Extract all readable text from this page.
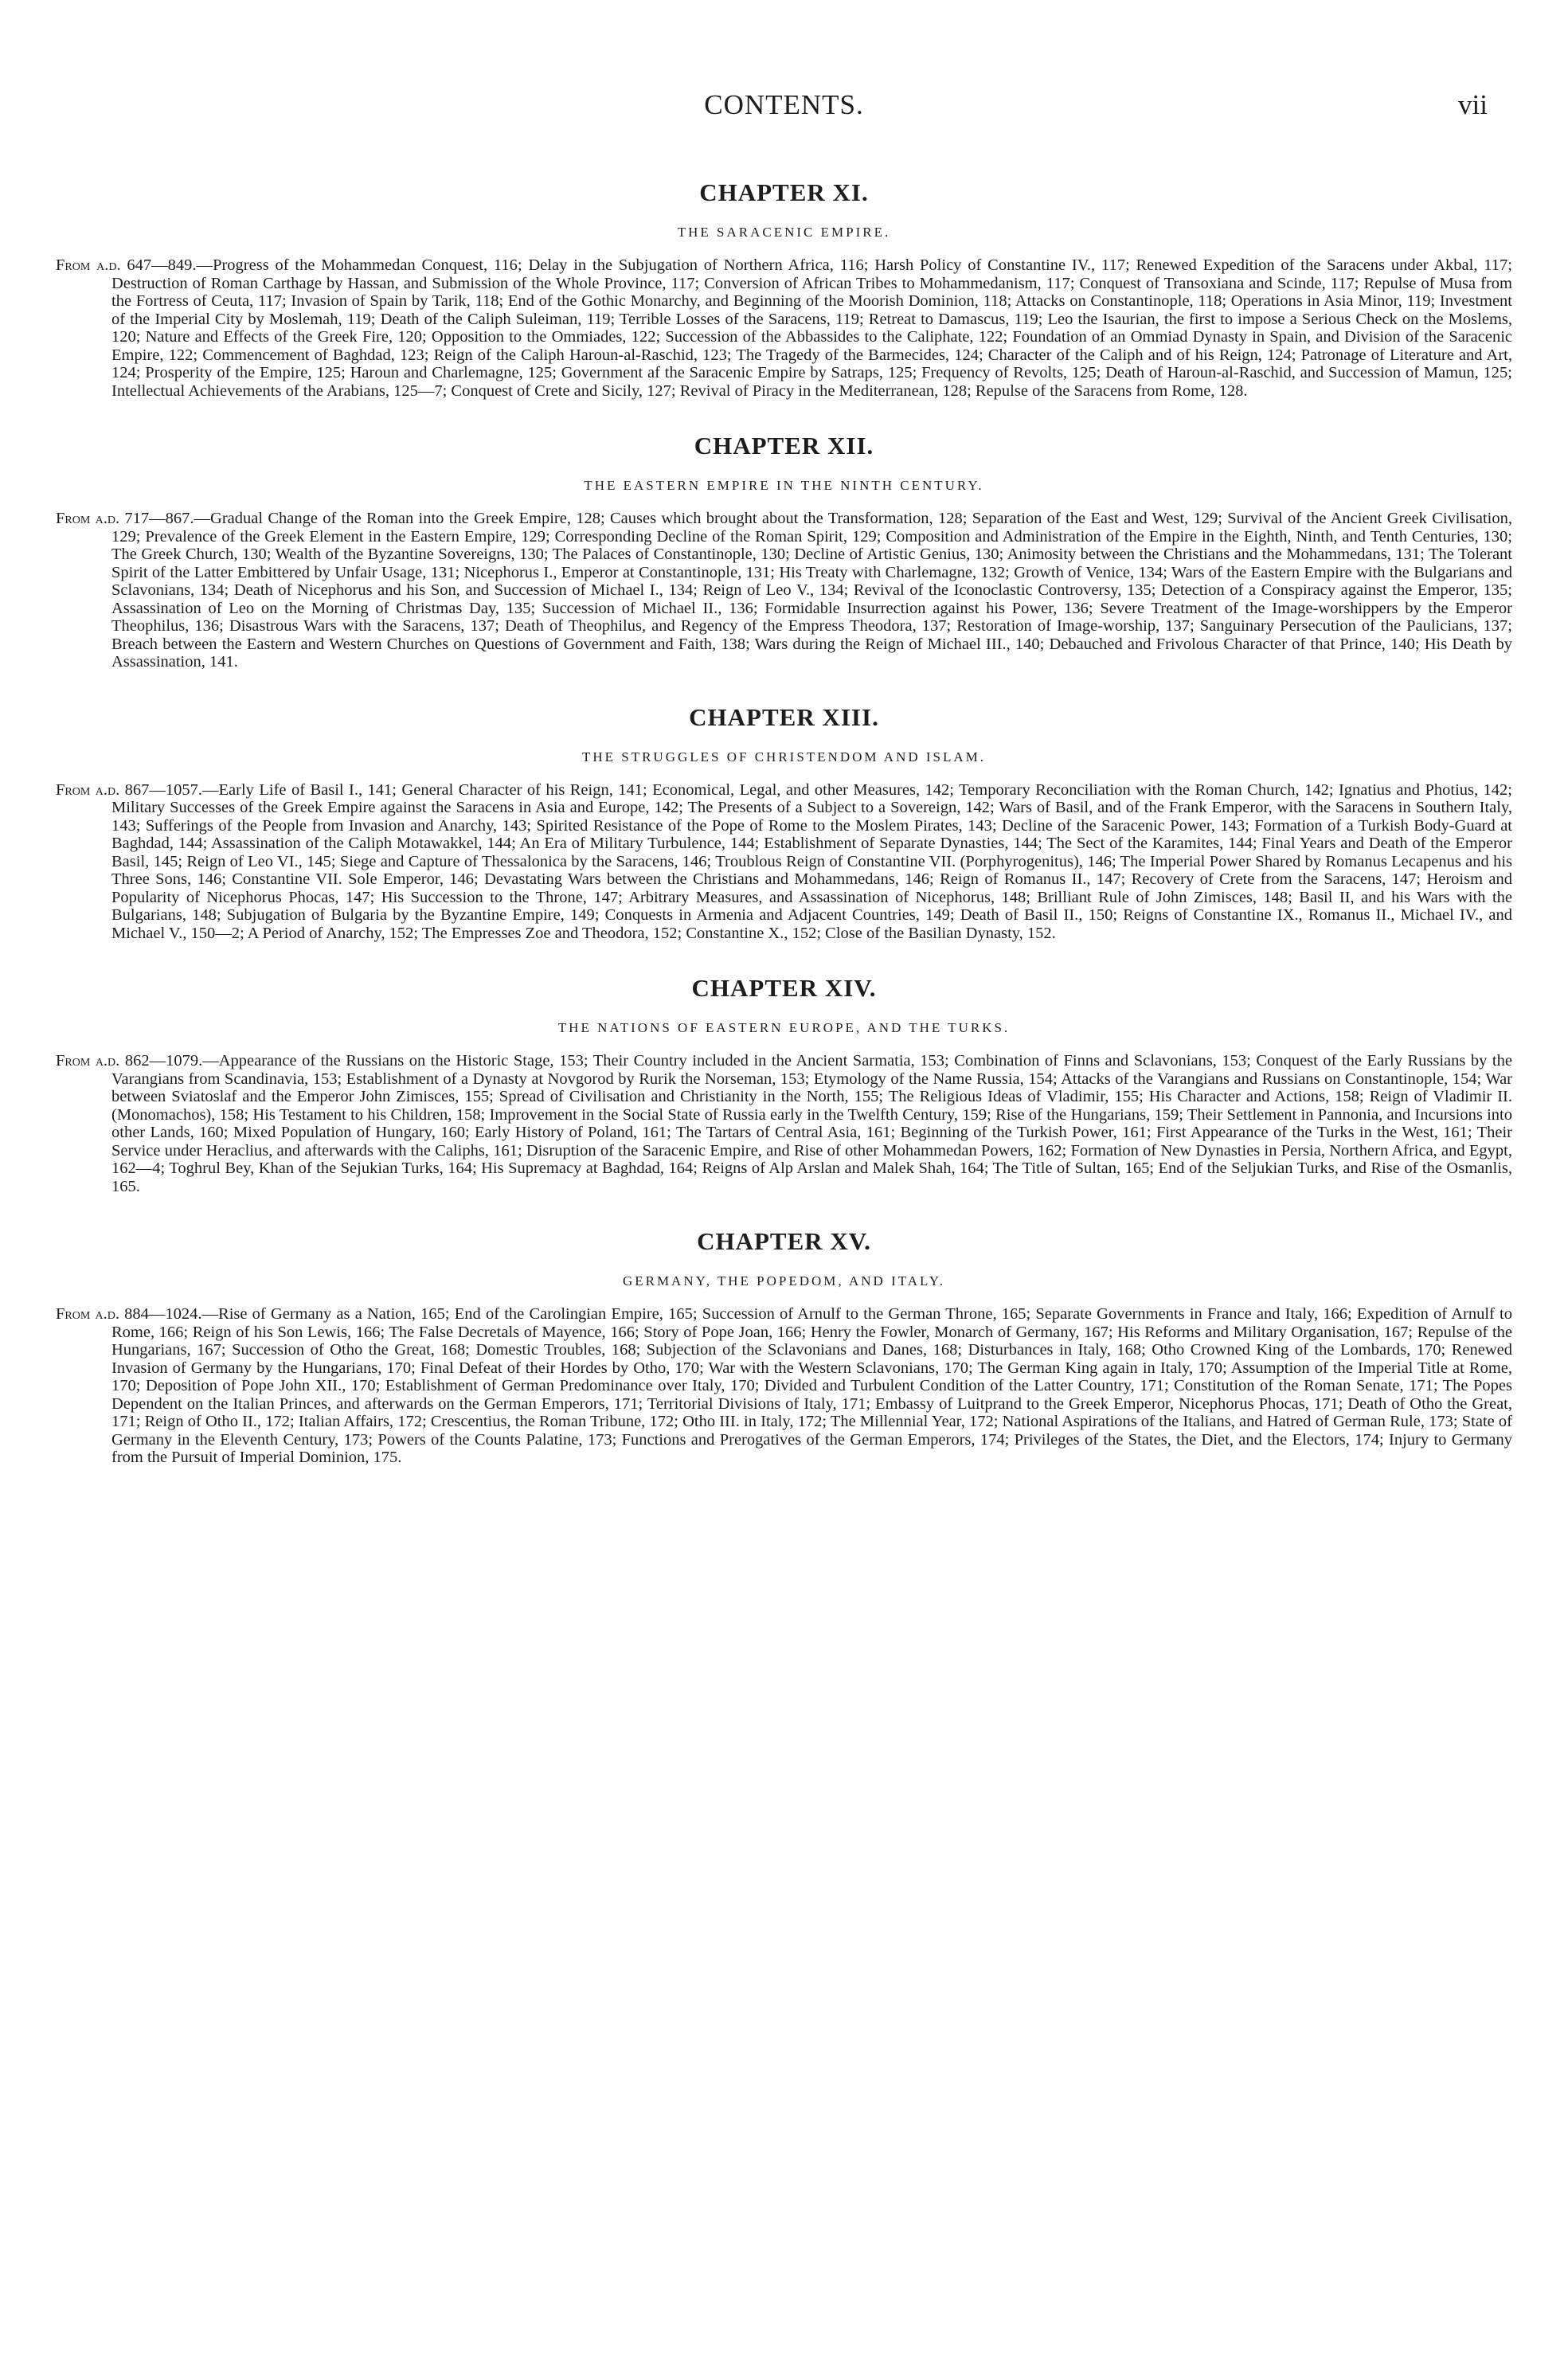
CONTENTS.	vii
CHAPTER XI.
THE SARACENIC EMPIRE.

From a.d. 647—849.—Progress of the Mohammedan Conquest, 116; Delay in the Subjugation of Northern Africa, 116; Harsh Policy of Constantine IV., 117; Renewed Expedition of the Saracens under Akbal, 117; Destruction of Roman Carthage by Hassan, and Submission of the Whole Province, 117; Conversion of African Tribes to Mohammedanism, 117; Conquest of Transoxiana and Scinde, 117; Repulse of Musa from the Fortress of Ceuta, 117; Invasion of Spain by Tarik, 118; End of the Gothic Monarchy, and Beginning of the Moorish Dominion, 118; Attacks on Constantinople, 118; Operations in Asia Minor, 119; Investment of the Imperial City by Moslemah, 119; Death of the Caliph Suleiman, 119; Terrible Losses of the Saracens, 119; Retreat to Damascus, 119; Leo the Isaurian, the first to impose a Serious Check on the Moslems, 120; Nature and Effects of the Greek Fire, 120; Opposition to the Ommiades, 122; Succession of the Abbassides to the Caliphate, 122; Foundation of an Ommiad Dynasty in Spain, and Division of the Saracenic Empire, 122; Commencement of Baghdad, 123; Reign of the Caliph Haroun-al-Raschid, 123; The Tragedy of the Barmecides, 124; Character of the Caliph and of his Reign, 124; Patronage of Literature and Art, 124; Prosperity of the Empire, 125; Haroun and Charlemagne, 125; Government af the Saracenic Empire by Satraps, 125; Frequency of Revolts, 125; Death of Haroun-al-Raschid, and Succession of Mamun, 125; Intellectual Achievements of the Arabians, 125—7; Conquest of Crete and Sicily, 127; Revival of Piracy in the Mediterranean, 128; Repulse of the Saracens from Rome, 128.

CHAPTER XII.
THE EASTERN EMPIRE IN THE NINTH CENTURY.

From a.d. 717—867.—Gradual Change of the Roman into the Greek Empire, 128; Causes which brought about the Transformation, 128; Separation of the East and West, 129; Survival of the Ancient Greek Civilisation, 129; Prevalence of the Greek Element in the Eastern Empire, 129; Corresponding Decline of the Roman Spirit, 129; Composition and Administration of the Empire in the Eighth, Ninth, and Tenth Centuries, 130; The Greek Church, 130; Wealth of the Byzantine Sovereigns, 130; The Palaces of Constantinople, 130; Decline of Artistic Genius, 130; Animosity between the Christians and the Mohammedans, 131; The Tolerant Spirit of the Latter Embittered by Unfair Usage, 131; Nicephorus I., Emperor at Constantinople, 131; His Treaty with Charlemagne, 132; Growth of Venice, 134; Wars of the Eastern Empire with the Bulgarians and Sclavonians, 134; Death of Nicephorus and his Son, and Succession of Michael I., 134; Reign of Leo V., 134; Revival of the Iconoclastic Controversy, 135; Detection of a Conspiracy against the Emperor, 135; Assassination of Leo on the Morning of Christmas Day, 135; Succession of Michael II., 136; Formidable Insurrection against his Power, 136; Severe Treatment of the Image-worshippers by the Emperor Theophilus, 136; Disastrous Wars with the Saracens, 137; Death of Theophilus, and Regency of the Empress Theodora, 137; Restoration of Image-worship, 137; Sanguinary Persecution of the Paulicians, 137; Breach between the Eastern and Western Churches on Questions of Government and Faith, 138; Wars during the Reign of Michael III., 140; Debauched and Frivolous Character of that Prince, 140; His Death by Assassination, 141.

CHAPTER XIII.
THE STRUGGLES OF CHRISTENDOM AND ISLAM.

From a.d. 867—1057.—Early Life of Basil I., 141; General Character of his Reign, 141; Economical, Legal, and other Measures, 142; Temporary Reconciliation with the Roman Church, 142; Ignatius and Photius, 142; Military Successes of the Greek Empire against the Saracens in Asia and Europe, 142; The Presents of a Subject to a Sovereign, 142; Wars of Basil, and of the Frank Emperor, with the Saracens in Southern Italy, 143; Sufferings of the People from Invasion and Anarchy, 143; Spirited Resistance of the Pope of Rome to the Moslem Pirates, 143; Decline of the Saracenic Power, 143; Formation of a Turkish Body-Guard at Baghdad, 144; Assassination of the Caliph Motawakkel, 144; An Era of Military Turbulence, 144; Establishment of Separate Dynasties, 144; The Sect of the Karamites, 144; Final Years and Death of the Emperor Basil, 145; Reign of Leo VI., 145; Siege and Capture of Thessalonica by the Saracens, 146; Troublous Reign of Constantine VII. (Porphyrogenitus), 146; The Imperial Power Shared by Romanus Lecapenus and his Three Sons, 146; Constantine VII. Sole Emperor, 146; Devastating Wars between the Christians and Mohammedans, 146; Reign of Romanus II., 147; Recovery of Crete from the Saracens, 147; Heroism and Popularity of Nicephorus Phocas, 147; His Succession to the Throne, 147; Arbitrary Measures, and Assassination of Nicephorus, 148; Brilliant Rule of John Zimisces, 148; Basil II, and his Wars with the Bulgarians, 148; Subjugation of Bulgaria by the Byzantine Empire, 149; Conquests in Armenia and Adjacent Countries, 149; Death of Basil II., 150; Reigns of Constantine IX., Romanus II., Michael IV., and Michael V., 150—2; A Period of Anarchy, 152; The Empresses Zoe and Theodora, 152; Constantine X., 152; Close of the Basilian Dynasty, 152.

CHAPTER XIV.
THE NATIONS OF EASTERN EUROPE, AND THE TURKS.

From a.d. 862—1079.—Appearance of the Russians on the Historic Stage, 153; Their Country included in the Ancient Sarmatia, 153; Combination of Finns and Sclavonians, 153; Conquest of the Early Russians by the Varangians from Scandinavia, 153; Establishment of a Dynasty at Novgorod by Rurik the Norseman, 153; Etymology of the Name Russia, 154; Attacks of the Varangians and Russians on Constantinople, 154; War between Sviatoslaf and the Emperor John Zimisces, 155; Spread of Civilisation and Christianity in the North, 155; The Religious Ideas of Vladimir, 155; His Character and Actions, 158; Reign of Vladimir II. (Monomachos), 158; His Testament to his Children, 158; Improvement in the Social State of Russia early in the Twelfth Century, 159; Rise of the Hungarians, 159; Their Settlement in Pannonia, and Incursions into other Lands, 160; Mixed Population of Hungary, 160; Early History of Poland, 161; The Tartars of Central Asia, 161; Beginning of the Turkish Power, 161; First Appearance of the Turks in the West, 161; Their Service under Heraclius, and afterwards with the Caliphs, 161; Disruption of the Saracenic Empire, and Rise of other Mohammedan Powers, 162; Formation of New Dynasties in Persia, Northern Africa, and Egypt, 162—4; Toghrul Bey, Khan of the Sejukian Turks, 164; His Supremacy at Baghdad, 164; Reigns of Alp Arslan and Malek Shah, 164; The Title of Sultan, 165; End of the Seljukian Turks, and Rise of the Osmanlis, 165.

CHAPTER XV.
GERMANY, THE POPEDOM, AND ITALY.

From a.d. 884—1024.—Rise of Germany as a Nation, 165; End of the Carolingian Empire, 165; Succession of Arnulf to the German Throne, 165; Separate Governments in France and Italy, 166; Expedition of Arnulf to Rome, 166; Reign of his Son Lewis, 166; The False Decretals of Mayence, 166; Story of Pope Joan, 166; Henry the Fowler, Monarch of Germany, 167; His Reforms and Military Organisation, 167; Repulse of the Hungarians, 167; Succession of Otho the Great, 168; Domestic Troubles, 168; Subjection of the Sclavonians and Danes, 168; Disturbances in Italy, 168; Otho Crowned King of the Lombards, 170; Renewed Invasion of Germany by the Hungarians, 170; Final Defeat of their Hordes by Otho, 170; War with the Western Sclavonians, 170; The German King again in Italy, 170; Assumption of the Imperial Title at Rome, 170; Deposition of Pope John XII., 170; Establishment of German Predominance over Italy, 170; Divided and Turbulent Condition of the Latter Country, 171; Constitution of the Roman Senate, 171; The Popes Dependent on the Italian Princes, and afterwards on the German Emperors, 171; Territorial Divisions of Italy, 171; Embassy of Luitprand to the Greek Emperor, Nicephorus Phocas, 171; Death of Otho the Great, 171; Reign of Otho II., 172; Italian Affairs, 172; Crescentius, the Roman Tribune, 172; Otho III. in Italy, 172; The Millennial Year, 172; National Aspirations of the Italians, and Hatred of German Rule, 173; State of Germany in the Eleventh Century, 173; Powers of the Counts Palatine, 173; Functions and Prerogatives of the German Emperors, 174; Privileges of the States, the Diet, and the Electors, 174; Injury to Germany from the Pursuit of Imperial Dominion, 175.
